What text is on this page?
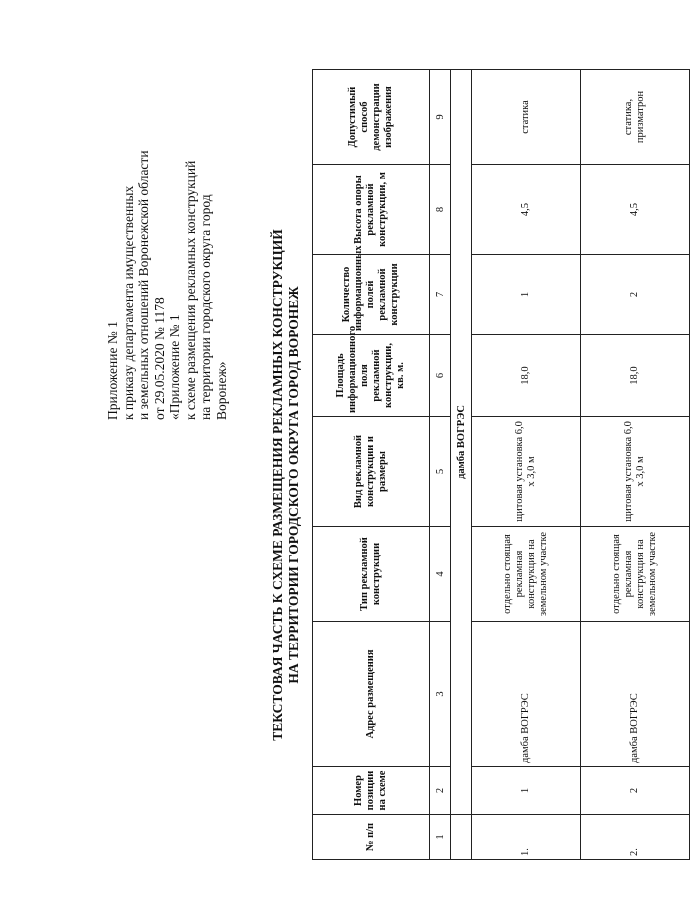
Приложение № 1 к приказу департамента имущественных и земельных отношений Воронежской области от 29.05.2020 № 1178 «Приложение № 1 к схеме размещения рекламных конструкций на территории городского округа город Воронеж»	ТЕКСТОВАЯ ЧАСТЬ К СХЕМЕ РАЗМЕЩЕНИЯ РЕКЛАМНЫХ КОНСТРУКЦИЙ НА ТЕРРИТОРИИ ГОРОДСКОГО ОКРУГА ГОРОД ВОРОНЕЖ
№ п/п	Номер позиции на схеме	Адрес размещения	Тип рекламной конструкции	Вид рекламной конструкции и размеры	Площадь информационного поля рекламной конструкции, кв. м.	Количество информационных полей рекламной конструкции	Высота опоры рекламной конструкции, м	Допустимый способ демонстрации изображения
1	2	3	4	5	6	7	8	9
	дамба ВОГРЭС							
1.	1	дамба ВОГРЭС	отдельно стоящая рекламная конструкция на земельном участке	щитовая установка 6,0 х 3,0 м	18,0	1	4,5	статика
2.	2	дамба ВОГРЭС	отдельно стоящая рекламная конструкция на земельном участке	щитовая установка 6,0 х 3,0 м	18,0	2	4,5	статика, призматрон
